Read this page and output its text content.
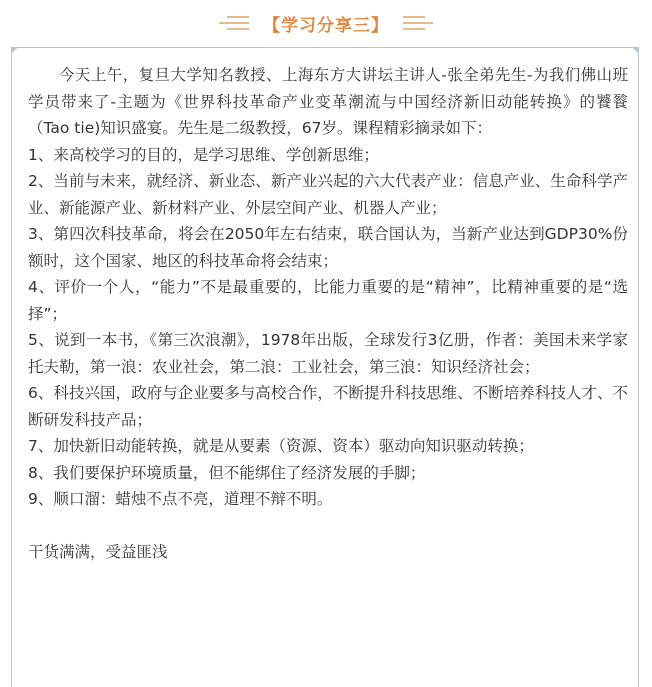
【学习分享三】

今天上午，复旦大学知名教授、上海东方大讲坛主讲人-张全弟先生-为我们佛山班学员带来了-主题为《世界科技革命产业变革潮流与中国经济新旧动能转换》的饕餮（Tao tie)知识盛宴。先生是二级教授，67岁。课程精彩摘录如下：

1、来高校学习的目的，是学习思维、学创新思维；

2、当前与未来，就经济、新业态、新产业兴起的六大代表产业：信息产业、生命科学产业、新能源产业、新材料产业、外层空间产业、机器人产业；

3、第四次科技革命，将会在2050年左右结束，联合国认为，当新产业达到GDP30%份额时，这个国家、地区的科技革命将会结束；

4、评价一个人，“能力”不是最重要的，比能力重要的是“精神”，比精神重要的是“选择”；

5、说到一本书，《第三次浪潮》，1978年出版，全球发行3亿册，作者：美国未来学家 托夫勒，第一浪：农业社会，第二浪：工业社会，第三浪：知识经济社会；

6、科技兴国，政府与企业要多与高校合作，不断提升科技思维、不断培养科技人才、不断研发科技产品；

7、加快新旧动能转换，就是从要素（资源、资本）驱动向知识驱动转换；

8、我们要保护环境质量，但不能绑住了经济发展的手脚；

9、顺口溜：蜡烛不点不亮，道理不辩不明。

干货满满，受益匪浅
